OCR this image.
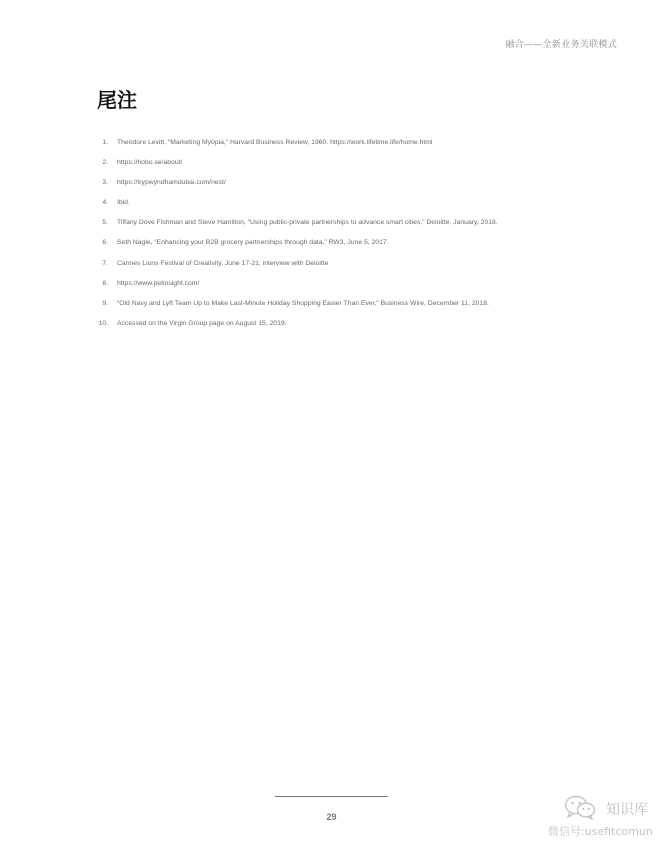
融合——全新业务关联模式
尾注
1. Theodore Levitt, “Marketing Myopia,” Harvard Business Review, 1960. https://work.lifetime.life/home.html
2. https://hobo.se/about/
3. https://trypwyndhamdubai.com/nest/
4. Ibid.
5. Tiffany Dove Fishman and Steve Hamilton, “Using public-private partnerships to advance smart cities,” Deloitte, January, 2018.
6. Seth Nagle, “Enhancing your B2B grocery partnerships through data,” RW3, June 5, 2017.
7. Cannes Lions Festival of Creativity, June 17-21; interview with Deloitte
8. https://www.petinsight.com/
9. “Old Navy and Lyft Team Up to Make Last-Minute Holiday Shopping Easier Than Ever,” Business Wire, December 11, 2018.
10. Accessed on the Virgin Group page on August 15, 2019.
29	知识库
微信号:usefitcomun
